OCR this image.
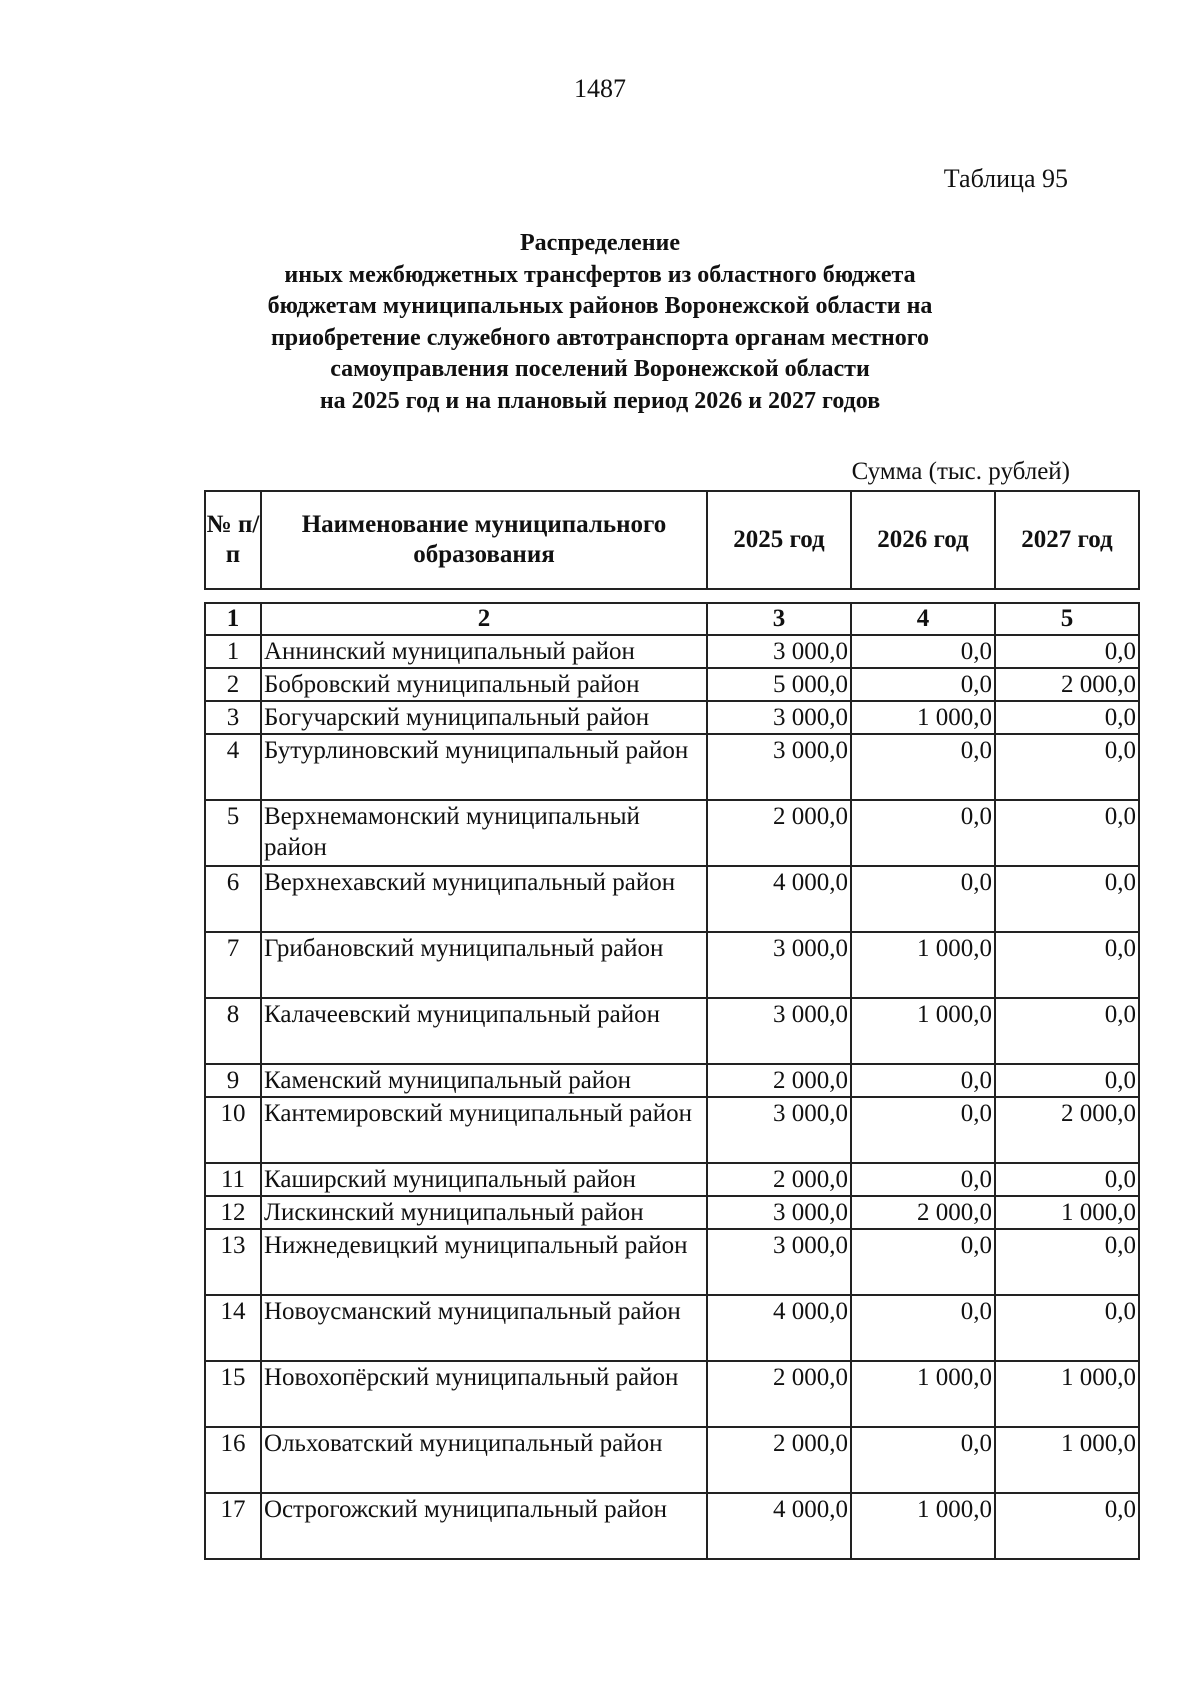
1487
Таблица 95
Распределение
иных межбюджетных трансфертов из областного бюджета
бюджетам муниципальных районов Воронежской области на
приобретение служебного автотранспорта органам местного
самоуправления поселений Воронежской области
на 2025 год и на плановый период 2026 и 2027 годов
Сумма (тыс. рублей)
№ п/п	Наименование муниципального образования	2025 год	2026 год	2027 год
1	2	3	4	5
1	Аннинский муниципальный район	3 000,0	0,0	0,0
2	Бобровский муниципальный район	5 000,0	0,0	2 000,0
3	Богучарский муниципальный район	3 000,0	1 000,0	0,0
4	Бутурлиновский муниципальный район	3 000,0	0,0	0,0
5	Верхнемамонский муниципальный район	2 000,0	0,0	0,0
6	Верхнехавский муниципальный район	4 000,0	0,0	0,0
7	Грибановский муниципальный район	3 000,0	1 000,0	0,0
8	Калачеевский муниципальный район	3 000,0	1 000,0	0,0
9	Каменский муниципальный район	2 000,0	0,0	0,0
10	Кантемировский муниципальный район	3 000,0	0,0	2 000,0
11	Каширский муниципальный район	2 000,0	0,0	0,0
12	Лискинский муниципальный район	3 000,0	2 000,0	1 000,0
13	Нижнедевицкий муниципальный район	3 000,0	0,0	0,0
14	Новоусманский муниципальный район	4 000,0	0,0	0,0
15	Новохопёрский муниципальный район	2 000,0	1 000,0	1 000,0
16	Ольховатский муниципальный район	2 000,0	0,0	1 000,0
17	Острогожский муниципальный район	4 000,0	1 000,0	0,0
